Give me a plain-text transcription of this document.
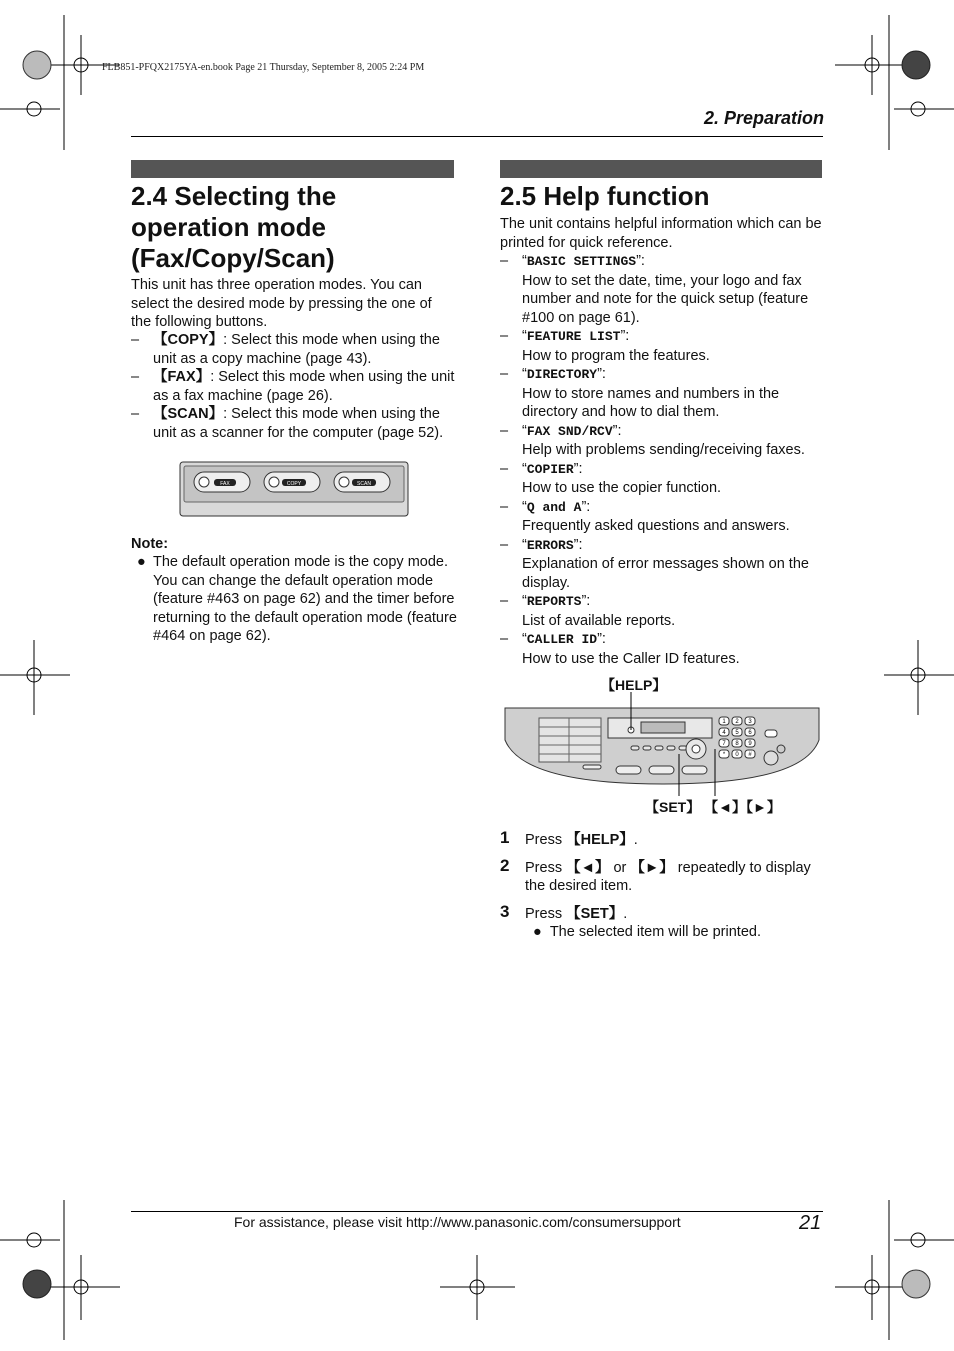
FLB851-PFQX2175YA-en.book Page 21 Thursday, September 8, 2005 2:24 PM
2. Preparation
2.4 Selecting the
operation mode
(Fax/Copy/Scan)

This unit has three operation modes. You can select the desired mode by pressing the one of the following buttons.

– 【COPY】: Select this mode when using the unit as a copy machine (page 43).
– 【FAX】: Select this mode when using the unit as a fax machine (page 26).
– 【SCAN】: Select this mode when using the unit as a scanner for the computer (page 52).
FAX	COPY	SCAN
Note:
● The default operation mode is the copy mode.
You can change the default operation mode (feature #463 on page 62) and the timer before returning to the default operation mode (feature #464 on page 62).
2.5 Help function

The unit contains helpful information which can be printed for quick reference.

– “BASIC SETTINGS”:
How to set the date, time, your logo and fax number and note for the quick setup (feature #100 on page 61).
– “FEATURE LIST”:
How to program the features.
– “DIRECTORY”:
How to store names and numbers in the directory and how to dial them.
– “FAX SND/RCV”:
Help with problems sending/receiving faxes.
– “COPIER”:
How to use the copier function.
– “Q and A”:
Frequently asked questions and answers.
– “ERRORS”:
Explanation of error messages shown on the display.
– “REPORTS”:
List of available reports.
– “CALLER ID”:
How to use the Caller ID features.
【HELP】
1 2 3
4 5 6
7 8 9
* 0 #
【SET】 【◄】【►】
1 Press 【HELP】.
2 Press 【◄】 or 【►】 repeatedly to display the desired item.
3 Press 【SET】.
● The selected item will be printed.
For assistance, please visit http://www.panasonic.com/consumersupport	21
